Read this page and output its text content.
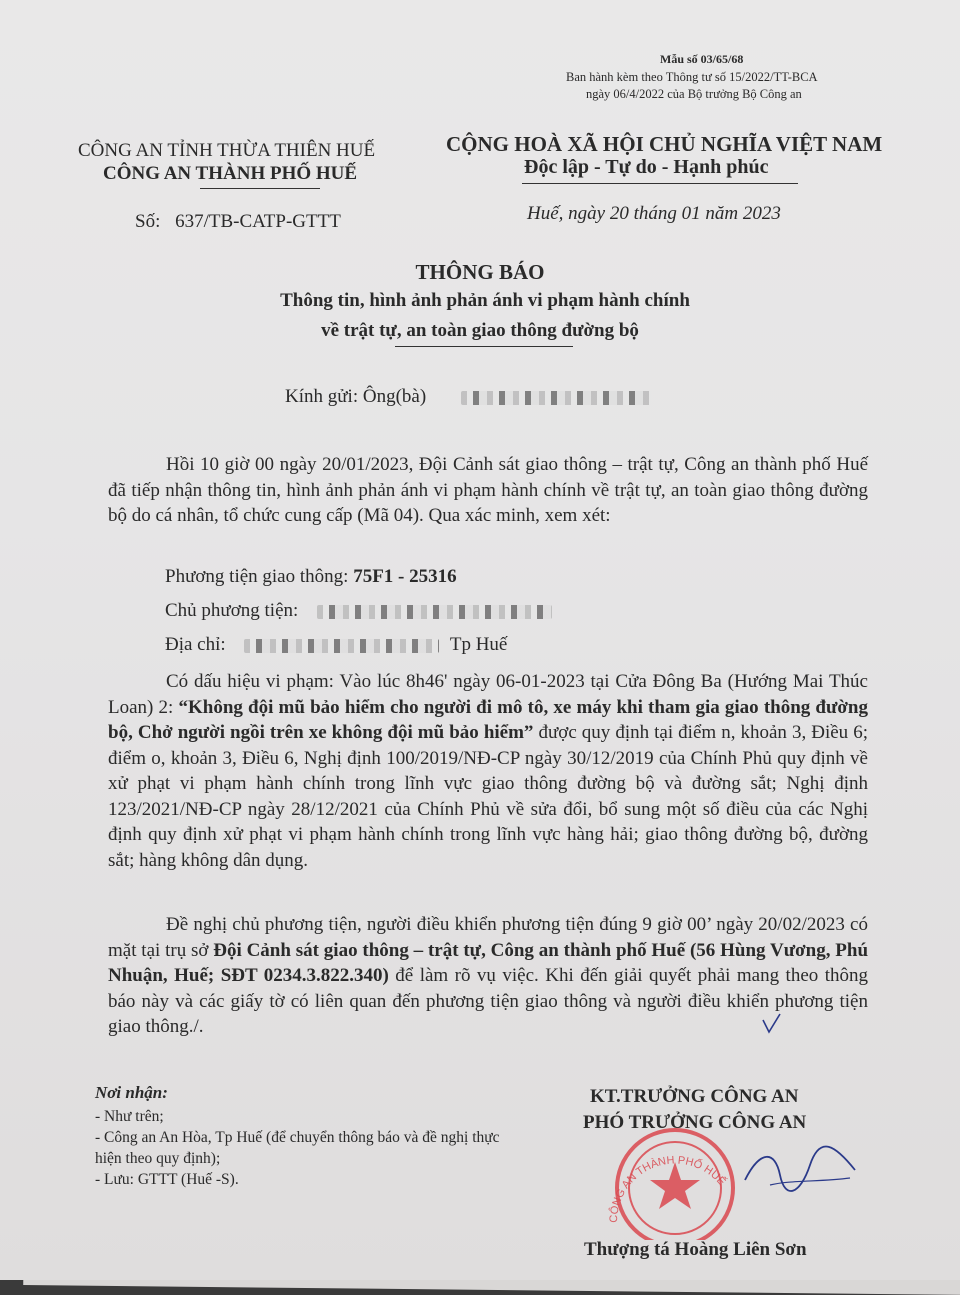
Mẫu số 03/65/68
Ban hành kèm theo Thông tư số 15/2022/TT-BCA
ngày 06/4/2022 của Bộ trưởng Bộ Công an
CÔNG AN TỈNH THỪA THIÊN HUẾ
CÔNG AN THÀNH PHỐ HUẾ
CỘNG HOÀ XÃ HỘI CHỦ NGHĨA VIỆT NAM
Độc lập - Tự do - Hạnh phúc
Số: 637/TB-CATP-GTTT	Huế, ngày 20 tháng 01 năm 2023
THÔNG BÁO
Thông tin, hình ảnh phản ánh vi phạm hành chính
về trật tự, an toàn giao thông đường bộ
Kính gửi: Ông(bà)
Hồi 10 giờ 00 ngày 20/01/2023, Đội Cảnh sát giao thông – trật tự, Công an thành phố Huế đã tiếp nhận thông tin, hình ảnh phản ánh vi phạm hành chính về trật tự, an toàn giao thông đường bộ do cá nhân, tổ chức cung cấp (Mã 04). Qua xác minh, xem xét:
Phương tiện giao thông: 75F1 - 25316
Chủ phương tiện:
Địa chỉ:	Tp Huế
Có dấu hiệu vi phạm: Vào lúc 8h46' ngày 06-01-2023 tại Cửa Đông Ba (Hướng Mai Thúc Loan) 2: “Không đội mũ bảo hiểm cho người đi mô tô, xe máy khi tham gia giao thông đường bộ, Chở người ngồi trên xe không đội mũ bảo hiểm” được quy định tại điểm n, khoản 3, Điều 6; điểm o, khoản 3, Điều 6, Nghị định 100/2019/NĐ-CP ngày 30/12/2019 của Chính Phủ quy định về xử phạt vi phạm hành chính trong lĩnh vực giao thông đường bộ và đường sắt; Nghị định 123/2021/NĐ-CP ngày 28/12/2021 của Chính Phủ về sửa đổi, bổ sung một số điều của các Nghị định quy định xử phạt vi phạm hành chính trong lĩnh vực hàng hải; giao thông đường bộ, đường sắt; hàng không dân dụng.
Đề nghị chủ phương tiện, người điều khiển phương tiện đúng 9 giờ 00’ ngày 20/02/2023 có mặt tại trụ sở Đội Cảnh sát giao thông – trật tự, Công an thành phố Huế (56 Hùng Vương, Phú Nhuận, Huế; SĐT 0234.3.822.340) để làm rõ vụ việc. Khi đến giải quyết phải mang theo thông báo này và các giấy tờ có liên quan đến phương tiện giao thông và người điều khiển phương tiện giao thông./.
Nơi nhận:
- Như trên;
- Công an An Hòa, Tp Huế (để chuyển thông báo và đề nghị thực hiện theo quy định);
- Lưu: GTTT (Huế -S).
KT.TRƯỞNG CÔNG AN
PHÓ TRƯỞNG CÔNG AN
CÔNG AN THÀNH PHỐ HUẾ
Thượng tá Hoàng Liên Sơn
